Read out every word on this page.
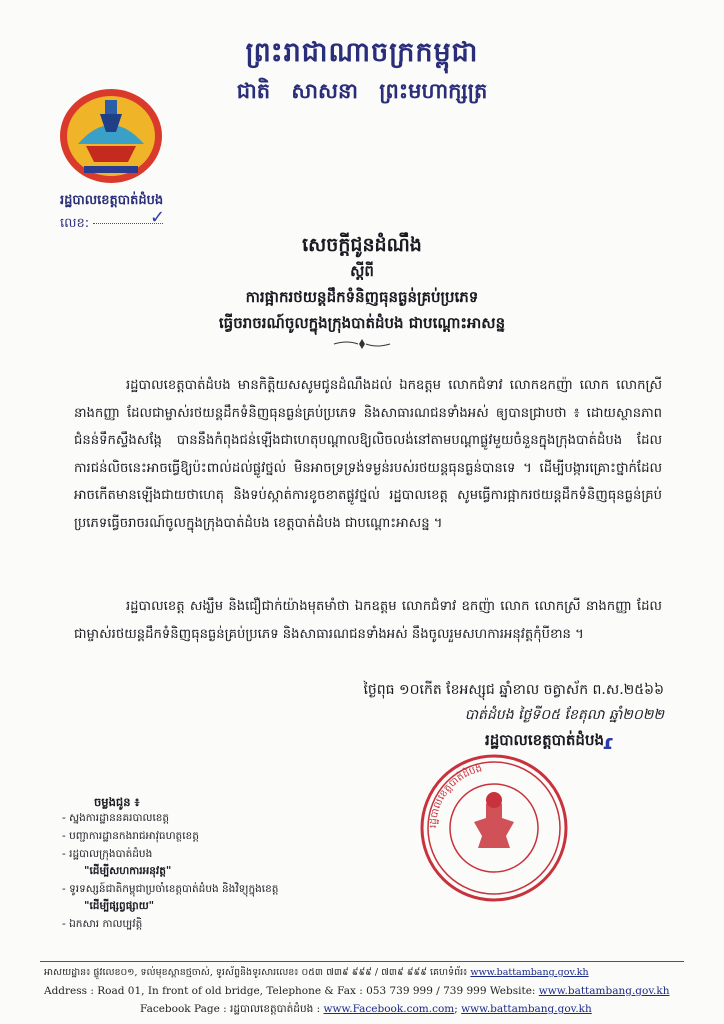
ព្រះរាជាណាចក្រកម្ពុជា
ជាតិ សាសនា ព្រះមហាក្សត្រ
រដ្ឋបាលខេត្តបាត់ដំបង
លេខ:	✓
សេចក្តីជូនដំណឹង
ស្តីពី
ការផ្អាករថយន្តដឹកទំនិញធុនធ្ងន់គ្រប់ប្រភេទ
ធ្វើចរាចរណ៍ចូលក្នុងក្រុងបាត់ដំបង ជាបណ្តោះអាសន្ន
រដ្ឋបាលខេត្តបាត់ដំបង មានកិត្តិយសសូមជូនដំណឹងដល់ ឯកឧត្តម លោកជំទាវ លោកឧកញ៉ា លោក លោកស្រី នាងកញ្ញា ដែលជាម្ចាស់រថយន្តដឹកទំនិញធុនធ្ងន់គ្រប់ប្រភេទ និងសាធារណជនទាំងអស់ ឲ្យបានជ្រាបថា ៖ ដោយស្ថានភាពជំនន់ទឹកស្ទឹងសង្កែ បាននឹងកំពុងជន់ឡើងជាហេតុបណ្តាលឱ្យលិចលង់នៅតាមបណ្តាផ្លូវមួយចំនួនក្នុងក្រុងបាត់ដំបង ដែលការជន់លិចនេះអាចធ្វើឱ្យប៉ះពាល់ដល់ផ្លូវថ្នល់ មិនអាចទ្រទ្រង់ទម្ងន់របស់រថយន្តធុនធ្ងន់បានទេ ។ ដើម្បីបង្ការគ្រោះថ្នាក់ដែលអាចកើតមានឡើងជាយថាហេតុ និងទប់ស្កាត់ការខូចខាតផ្លូវថ្នល់ រដ្ឋបាលខេត្ត សូមធ្វើការផ្អាករថយន្តដឹកទំនិញធុនធ្ងន់គ្រប់ប្រភេទធ្វើចរាចរណ៍ចូលក្នុងក្រុងបាត់ដំបង ខេត្តបាត់ដំបង ជាបណ្តោះអាសន្ន ។
រដ្ឋបាលខេត្ត សង្ឃឹម និងជឿជាក់យ៉ាងមុតមាំថា ឯកឧត្តម លោកជំទាវ ឧកញ៉ា លោក លោកស្រី នាងកញ្ញា ដែលជាម្ចាស់រថយន្តដឹកទំនិញធុនធ្ងន់គ្រប់ប្រភេទ និងសាធារណជនទាំងអស់ នឹងចូលរួមសហការអនុវត្តកុំបីខាន ។
ថ្ងៃពុធ ១០កើត ខែអស្សុជ ឆ្នាំខាល ចត្វាស័ក ព.ស.២៥៦៦
បាត់ដំបង ថ្ងៃទី០៥ ខែតុលា ឆ្នាំ២០២២
រដ្ឋបាលខេត្តបាត់ដំបង
ɾ
រដ្ឋបាលខេត្តបាត់ដំបង
ចម្លងជូន ៖
- ស្នងការដ្ឋាននគរបាលខេត្ត
- បញ្ជាការដ្ឋានកងរាជអាវុធហត្ថខេត្ត
- រដ្ឋបាលក្រុងបាត់ដំបង
"ដើម្បីសហការអនុវត្ត"
- ទូរទស្សន៍ជាតិកម្ពុជាប្រចាំខេត្តបាត់ដំបង និងវិទ្យុក្នុងខេត្ត
"ដើម្បីផ្សព្វផ្សាយ"
- ឯកសារ កាលប្បវត្តិ
អាសយដ្ឋាន៖ ផ្លូវលេខ០១, ទល់មុខស្ពានថ្មចាស់, ទូរស័ព្ទនិងទូរសារលេខ៖ ០៥៣ ៧៣៩ ៩៩៩ / ៧៣៩ ៩៩៩ គេហទំព័រ៖ www.battambang.gov.kh
Address : Road 01, In front of old bridge, Telephone & Fax : 053 739 999 / 739 999 Website: www.battambang.gov.kh
Facebook Page : រដ្ឋបាលខេត្តបាត់ដំបង : www.Facebook.com.com; www.battambang.gov.kh
